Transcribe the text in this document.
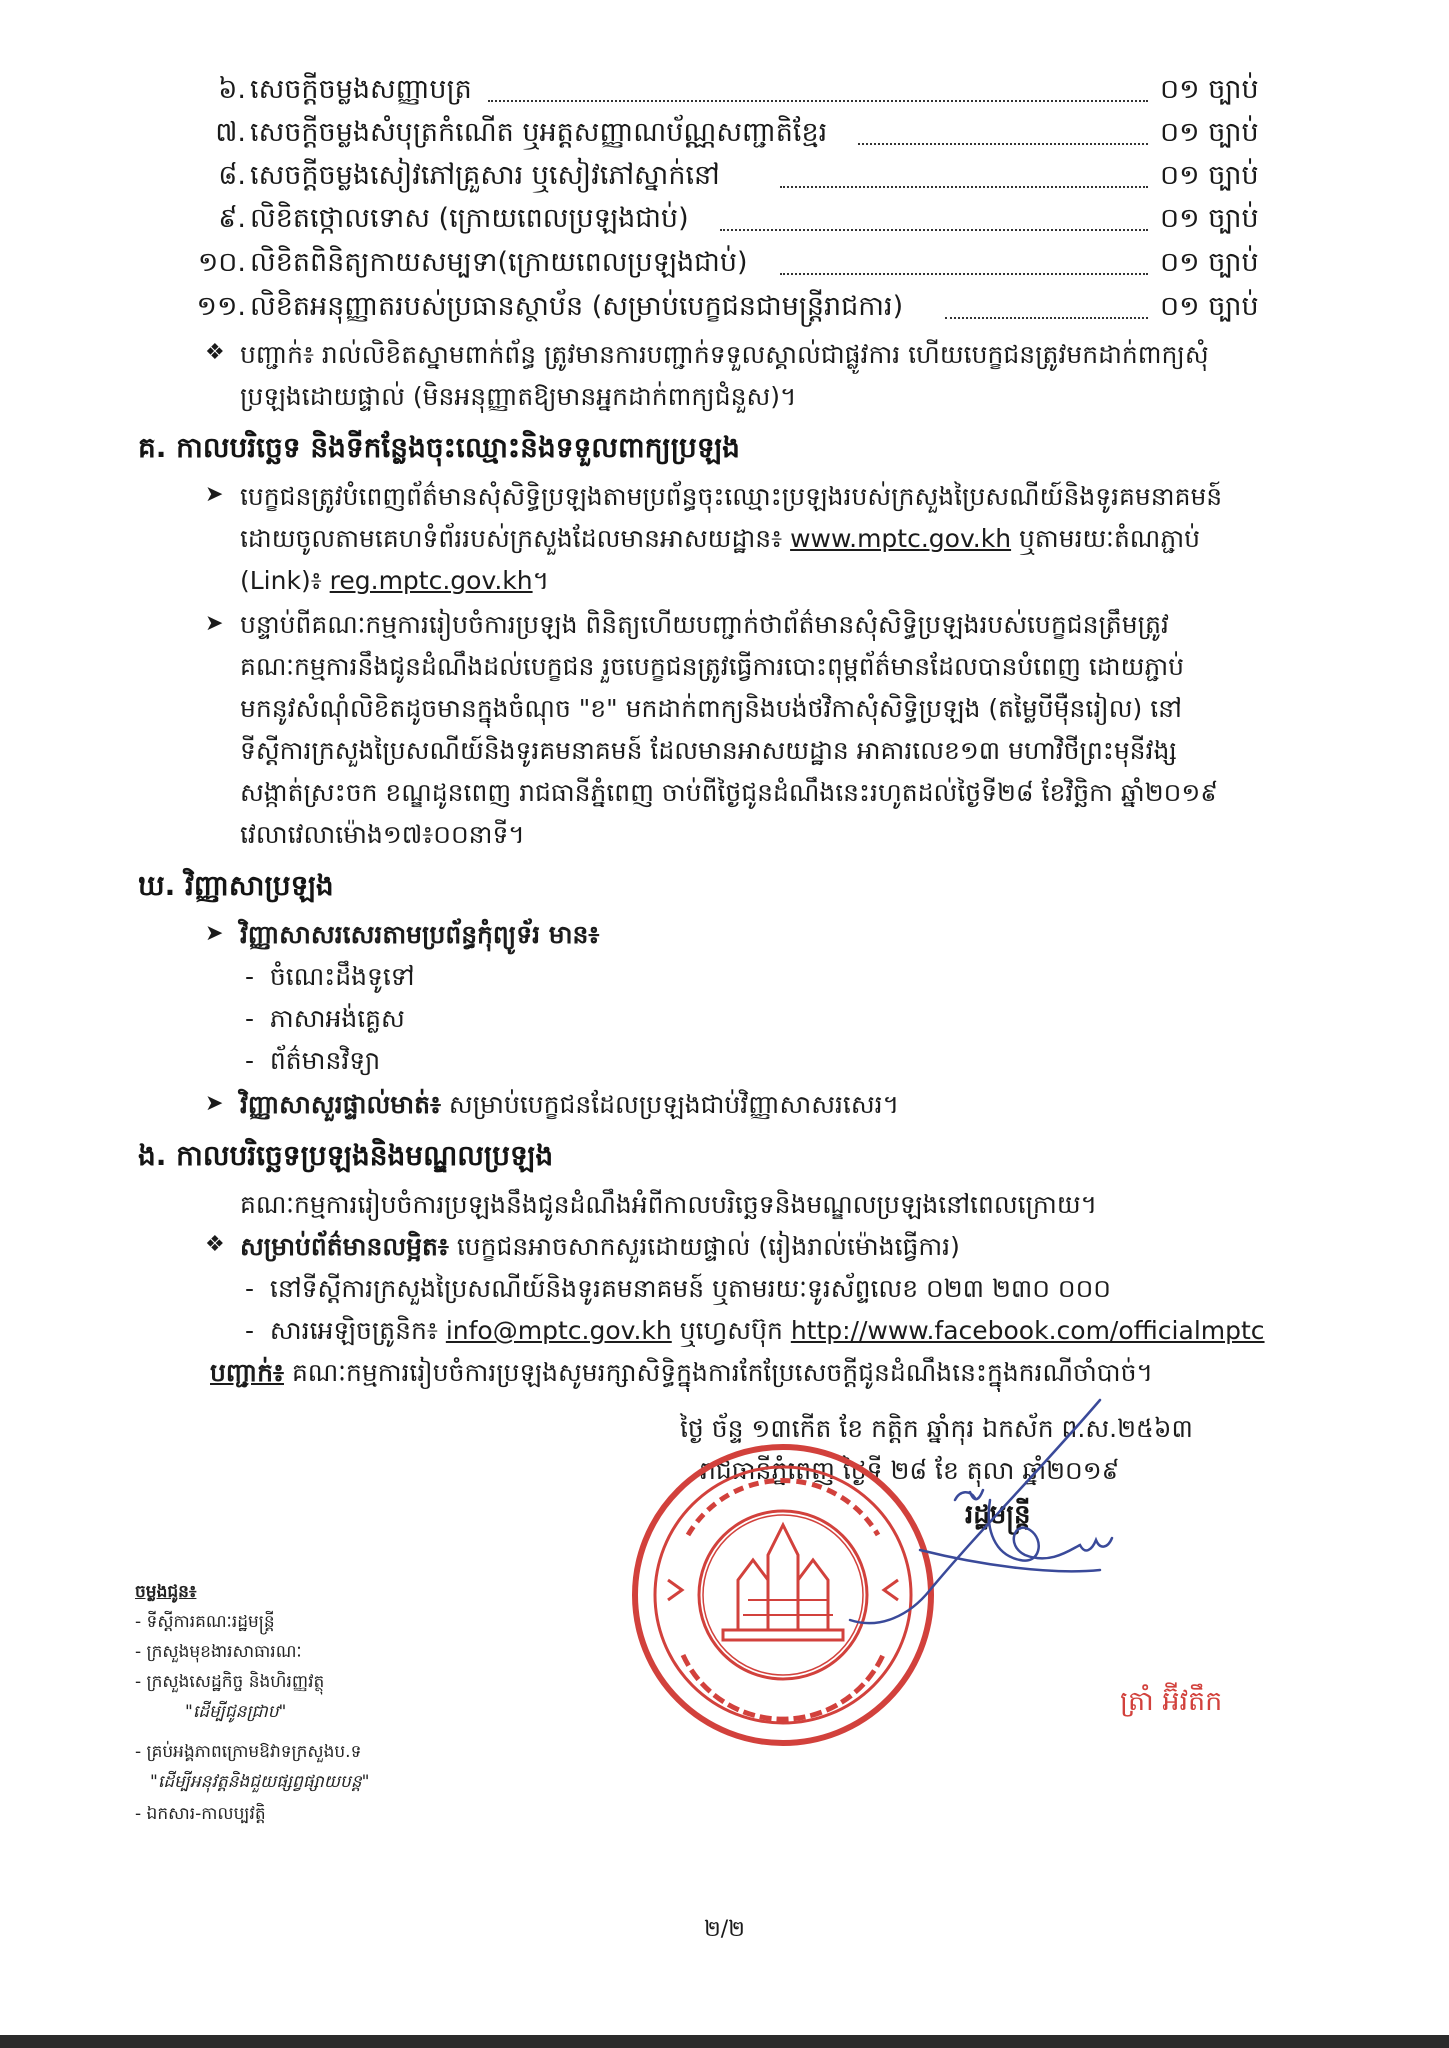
៦. សេចក្តីចម្លងសញ្ញាបត្រ	០១ ច្បាប់
៧. សេចក្តីចម្លងសំបុត្រកំណើត ឬអត្តសញ្ញាណប័ណ្ណសញ្ជាតិខ្មែរ	០១ ច្បាប់
៨. សេចក្តីចម្លងសៀវភៅគ្រួសារ ឬសៀវភៅស្នាក់នៅ	០១ ច្បាប់
៩. លិខិតថ្កោលទោស (ក្រោយពេលប្រឡងជាប់)	០១ ច្បាប់
១០. លិខិតពិនិត្យកាយសម្បទា(ក្រោយពេលប្រឡងជាប់)	០១ ច្បាប់
១១. លិខិតអនុញ្ញាតរបស់ប្រធានស្ថាប័ន (សម្រាប់បេក្ខជនជាមន្ត្រីរាជការ)	០១ ច្បាប់
❖ បញ្ជាក់៖ រាល់លិខិតស្នាមពាក់ព័ន្ធ ត្រូវមានការបញ្ជាក់ទទួលស្គាល់ជាផ្លូវការ ហើយបេក្ខជនត្រូវមកដាក់ពាក្យសុំ
ប្រឡងដោយផ្ទាល់ (មិនអនុញ្ញាតឱ្យមានអ្នកដាក់ពាក្យជំនួស)។
គ. កាលបរិច្ឆេទ និងទីកន្លែងចុះឈ្មោះនិងទទួលពាក្យប្រឡង
➤ បេក្ខជនត្រូវបំពេញព័ត៌មានសុំសិទ្ធិប្រឡងតាមប្រព័ន្ធចុះឈ្មោះប្រឡងរបស់ក្រសួងប្រៃសណីយ៍និងទូរគមនាគមន៍
ដោយចូលតាមគេហទំព័ររបស់ក្រសួងដែលមានអាសយដ្ឋាន៖ www.mptc.gov.kh ឬតាមរយៈតំណភ្ជាប់
(Link)៖ reg.mptc.gov.kh។
➤ បន្ទាប់ពីគណៈកម្មការរៀបចំការប្រឡង ពិនិត្យហើយបញ្ជាក់ថាព័ត៌មានសុំសិទ្ធិប្រឡងរបស់បេក្ខជនត្រឹមត្រូវ
គណៈកម្មការនឹងជូនដំណឹងដល់បេក្ខជន រួចបេក្ខជនត្រូវធ្វើការបោះពុម្ពព័ត៌មានដែលបានបំពេញ ដោយភ្ជាប់
មកនូវសំណុំលិខិតដូចមានក្នុងចំណុច "ខ" មកដាក់ពាក្យនិងបង់ថវិកាសុំសិទ្ធិប្រឡង (តម្លៃបីម៉ឺនរៀល) នៅ
ទីស្តីការក្រសួងប្រៃសណីយ៍និងទូរគមនាគមន៍ ដែលមានអាសយដ្ឋាន អាគារលេខ១៣ មហាវិថីព្រះមុនីវង្ស
សង្កាត់ស្រះចក ខណ្ឌដូនពេញ រាជធានីភ្នំពេញ ចាប់ពីថ្ងៃជូនដំណឹងនេះរហូតដល់ថ្ងៃទី២៨ ខែវិច្ឆិកា ឆ្នាំ២០១៩
វេលាវេលាម៉ោង១៧៖០០នាទី។
ឃ. វិញ្ញាសាប្រឡង
➤ វិញ្ញាសាសរសេរតាមប្រព័ន្ធកុំព្យូទ័រ មាន៖
-  ចំណេះដឹងទូទៅ
-  ភាសាអង់គ្លេស
-  ព័ត៌មានវិទ្យា
➤ វិញ្ញាសាសួរផ្ទាល់មាត់៖ សម្រាប់បេក្ខជនដែលប្រឡងជាប់វិញ្ញាសាសរសេរ។
ង. កាលបរិច្ឆេទប្រឡងនិងមណ្ឌលប្រឡង
គណៈកម្មការរៀបចំការប្រឡងនឹងជូនដំណឹងអំពីកាលបរិច្ឆេទនិងមណ្ឌលប្រឡងនៅពេលក្រោយ។
❖ សម្រាប់ព័ត៌មានលម្អិត៖ បេក្ខជនអាចសាកសួរដោយផ្ទាល់ (រៀងរាល់ម៉ោងធ្វើការ)
-  នៅទីស្តីការក្រសួងប្រៃសណីយ៍និងទូរគមនាគមន៍ ឬតាមរយៈទូរស័ព្ទលេខ ០២៣ ២៣០ ០០០
-  សារអេឡិចត្រូនិក៖ info@mptc.gov.kh ឬហ្វេសប៊ុក http://www.facebook.com/officialmptc
បញ្ជាក់៖ គណៈកម្មការរៀបចំការប្រឡងសូមរក្សាសិទ្ធិក្នុងការកែប្រែសេចក្តីជូនដំណឹងនេះក្នុងករណីចាំបាច់។
ថ្ងៃ ច័ន្ទ ១៣កើត ខែ កត្តិក ឆ្នាំកុរ ឯកស័ក ព.ស.២៥៦៣
រាជធានីភ្នំពេញ ថ្ងៃទី ២៨ ខែ តុលា ឆ្នាំ២០១៩
រដ្ឋមន្ត្រី
ត្រាំ អ៊ីវតឹក
ចម្លងជូន៖
- ទីស្តីការគណៈរដ្ឋមន្ត្រី
- ក្រសួងមុខងារសាធារណៈ
- ក្រសួងសេដ្ឋកិច្ច និងហិរញ្ញវត្ថុ
"ដើម្បីជូនជ្រាប"
- គ្រប់អង្គភាពក្រោមឱវាទក្រសួងប.ទ
"ដើម្បីអនុវត្តនិងជួយផ្សព្វផ្សាយបន្ត"
- ឯកសារ-កាលប្បវត្តិ
២/២
